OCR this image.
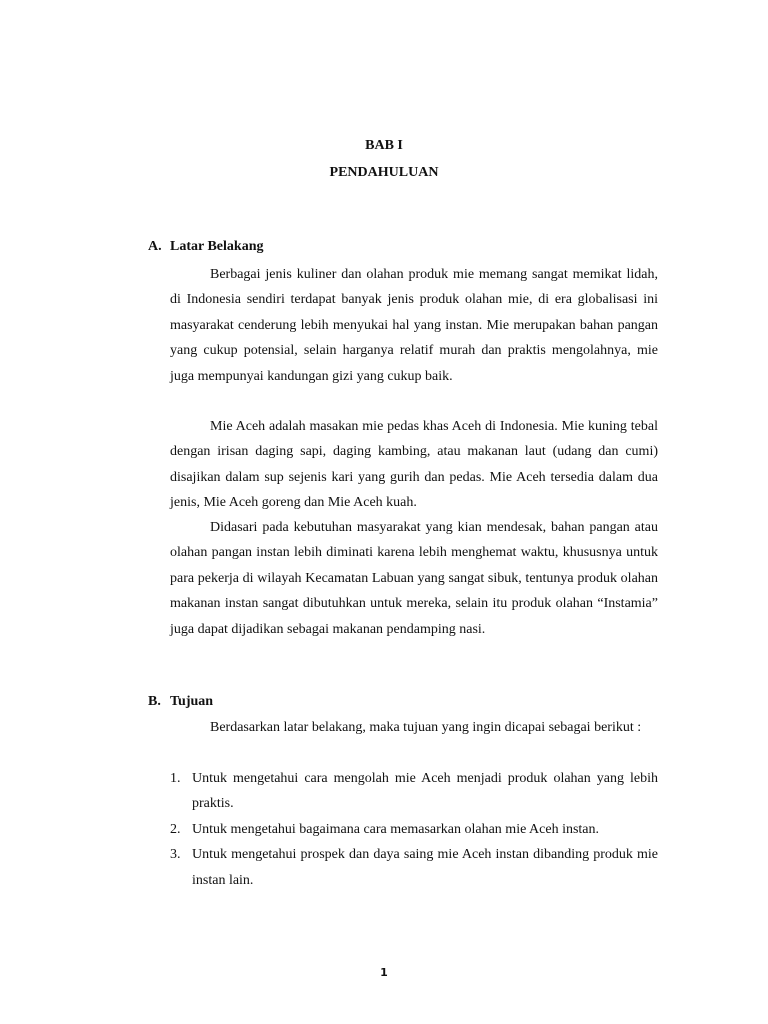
BAB I
PENDAHULUAN
A. Latar Belakang

Berbagai jenis kuliner dan olahan produk mie memang sangat memikat lidah, di Indonesia sendiri terdapat banyak jenis produk olahan mie, di era globalisasi ini masyarakat cenderung lebih menyukai hal yang instan. Mie merupakan bahan pangan yang cukup potensial, selain harganya relatif murah dan praktis mengolahnya, mie juga mempunyai kandungan gizi yang cukup baik.

Mie Aceh adalah masakan mie pedas khas Aceh di Indonesia. Mie kuning tebal dengan irisan daging sapi, daging kambing, atau makanan laut (udang dan cumi) disajikan dalam sup sejenis kari yang gurih dan pedas. Mie Aceh tersedia dalam dua jenis, Mie Aceh goreng dan Mie Aceh kuah.

Didasari pada kebutuhan masyarakat yang kian mendesak, bahan pangan atau olahan pangan instan lebih diminati karena lebih menghemat waktu, khususnya untuk para pekerja di wilayah Kecamatan Labuan yang sangat sibuk, tentunya produk olahan makanan instan sangat dibutuhkan untuk mereka, selain itu produk olahan “Instamia” juga dapat dijadikan sebagai makanan pendamping nasi.

B. Tujuan

Berdasarkan latar belakang, maka tujuan yang ingin dicapai sebagai berikut :

1. Untuk mengetahui cara mengolah mie Aceh menjadi produk olahan yang lebih praktis.
2. Untuk mengetahui bagaimana cara memasarkan olahan mie Aceh instan.
3. Untuk mengetahui prospek dan daya saing mie Aceh instan dibanding produk mie instan lain.
1
